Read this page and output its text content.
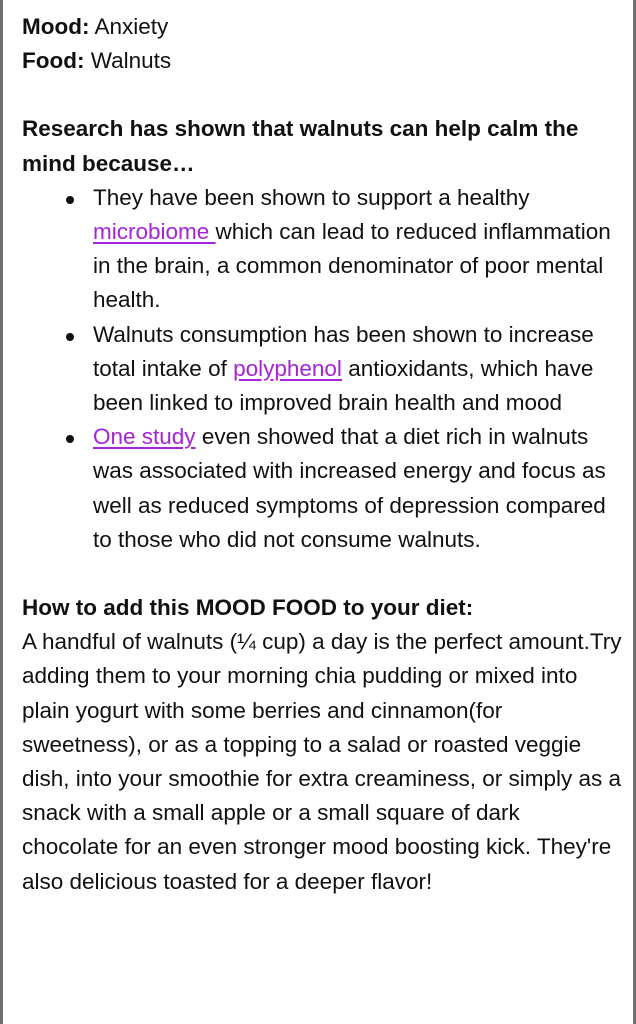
Mood: Anxiety

Food: Walnuts

Research has shown that walnuts can help calm the mind because…

They have been shown to support a healthy microbiome which can lead to reduced inflammation in the brain, a common denominator of poor mental health.
Walnuts consumption has been shown to increase total intake of polyphenol antioxidants, which have been linked to improved brain health and mood
One study even showed that a diet rich in walnuts was associated with increased energy and focus as well as reduced symptoms of depression compared to those who did not consume walnuts.

How to add this MOOD FOOD to your diet:

A handful of walnuts (¼ cup) a day is the perfect amount.Try adding them to your morning chia pudding or mixed into plain yogurt with some berries and cinnamon(for sweetness), or as a topping to a salad or roasted veggie dish, into your smoothie for extra creaminess, or simply as a snack with a small apple or a small square of dark chocolate for an even stronger mood boosting kick. They're also delicious toasted for a deeper flavor!
